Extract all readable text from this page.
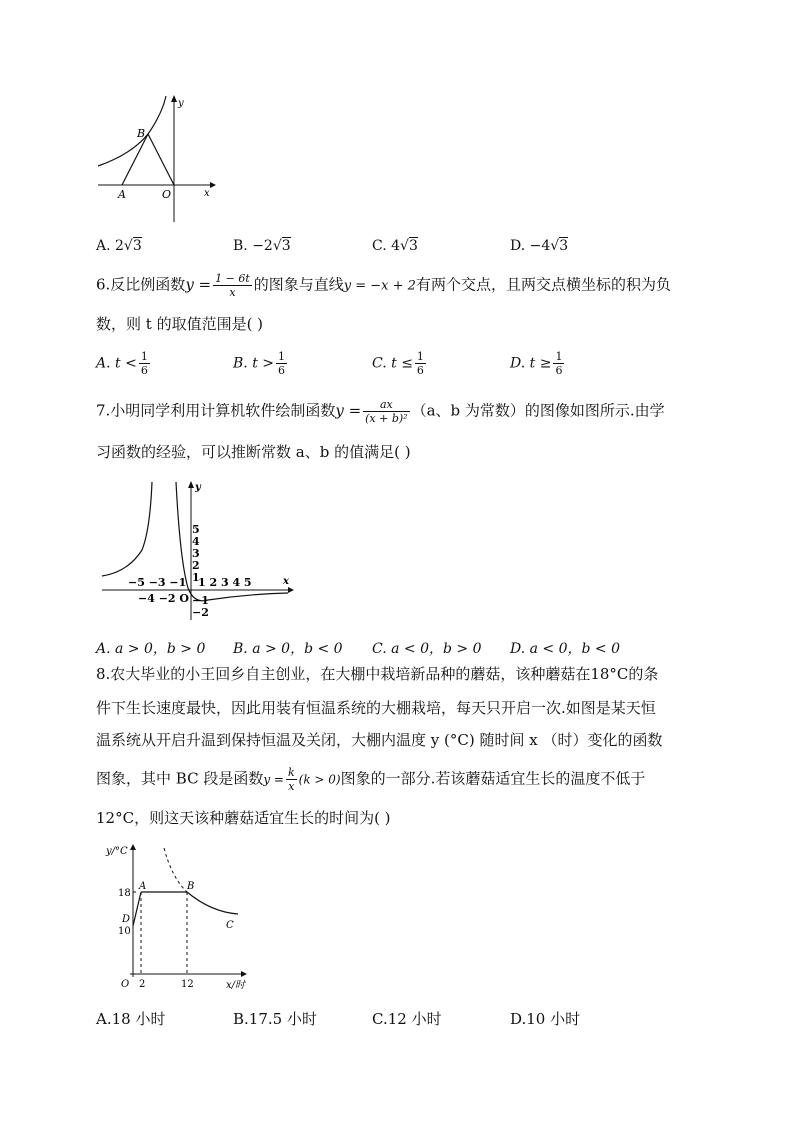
B
A	O	x
y
A. 2√3	B. −2√3	C. 4√3	D. −4√3
6.反比例函数$y = \frac{1 - 6t}{x}$ 的图象与直线y = −x + 2有两个交点，且两交点横坐标的积为负
数，则 t 的取值范围是( )
A. $t < \frac{1}{6}$	B. $t > \frac{1}{6}$	C. $t \le \frac{1}{6}$	D. $t \ge \frac{1}{6}$
7.小明同学利用计算机软件绘制函数$y = \frac{ax}{\text{(x + b)²}} (a$、b 为常数）的图像如图所示.由学
习函数的经验，可以推断常数 a、b 的值满足( )
y
x
5
4
3
2
1
1 2 3 4 5
−5 −3 −1
−4 −2 O −1
−2
A. a > 0，b > 0 B. a > 0，b < 0 C. a < 0，b > 0 D. a < 0，b < 0
8.农大毕业的小王回乡自主创业，在大棚中栽培新品种的蘑菇，该种蘑菇在18°C的条
件下生长速度最快，因此用装有恒温系统的大棚栽培，每天只开启一次.如图是某天恒
温系统从开启升温到保持恒温及关闭，大棚内温度 y (°C) 随时间 x （时）变化的函数
图象，其中 BC 段是函数$y = \frac{k}{x} (k > 0)$图象的一部分.若该蘑菇适宜生长的温度不低于
12°C，则这天该种蘑菇适宜生长的时间为( )
y/°C
x/时
18
10
2	12
A	B
C
D
O
A.18 小时	B.17.5 小时	C.12 小时	D.10 小时
